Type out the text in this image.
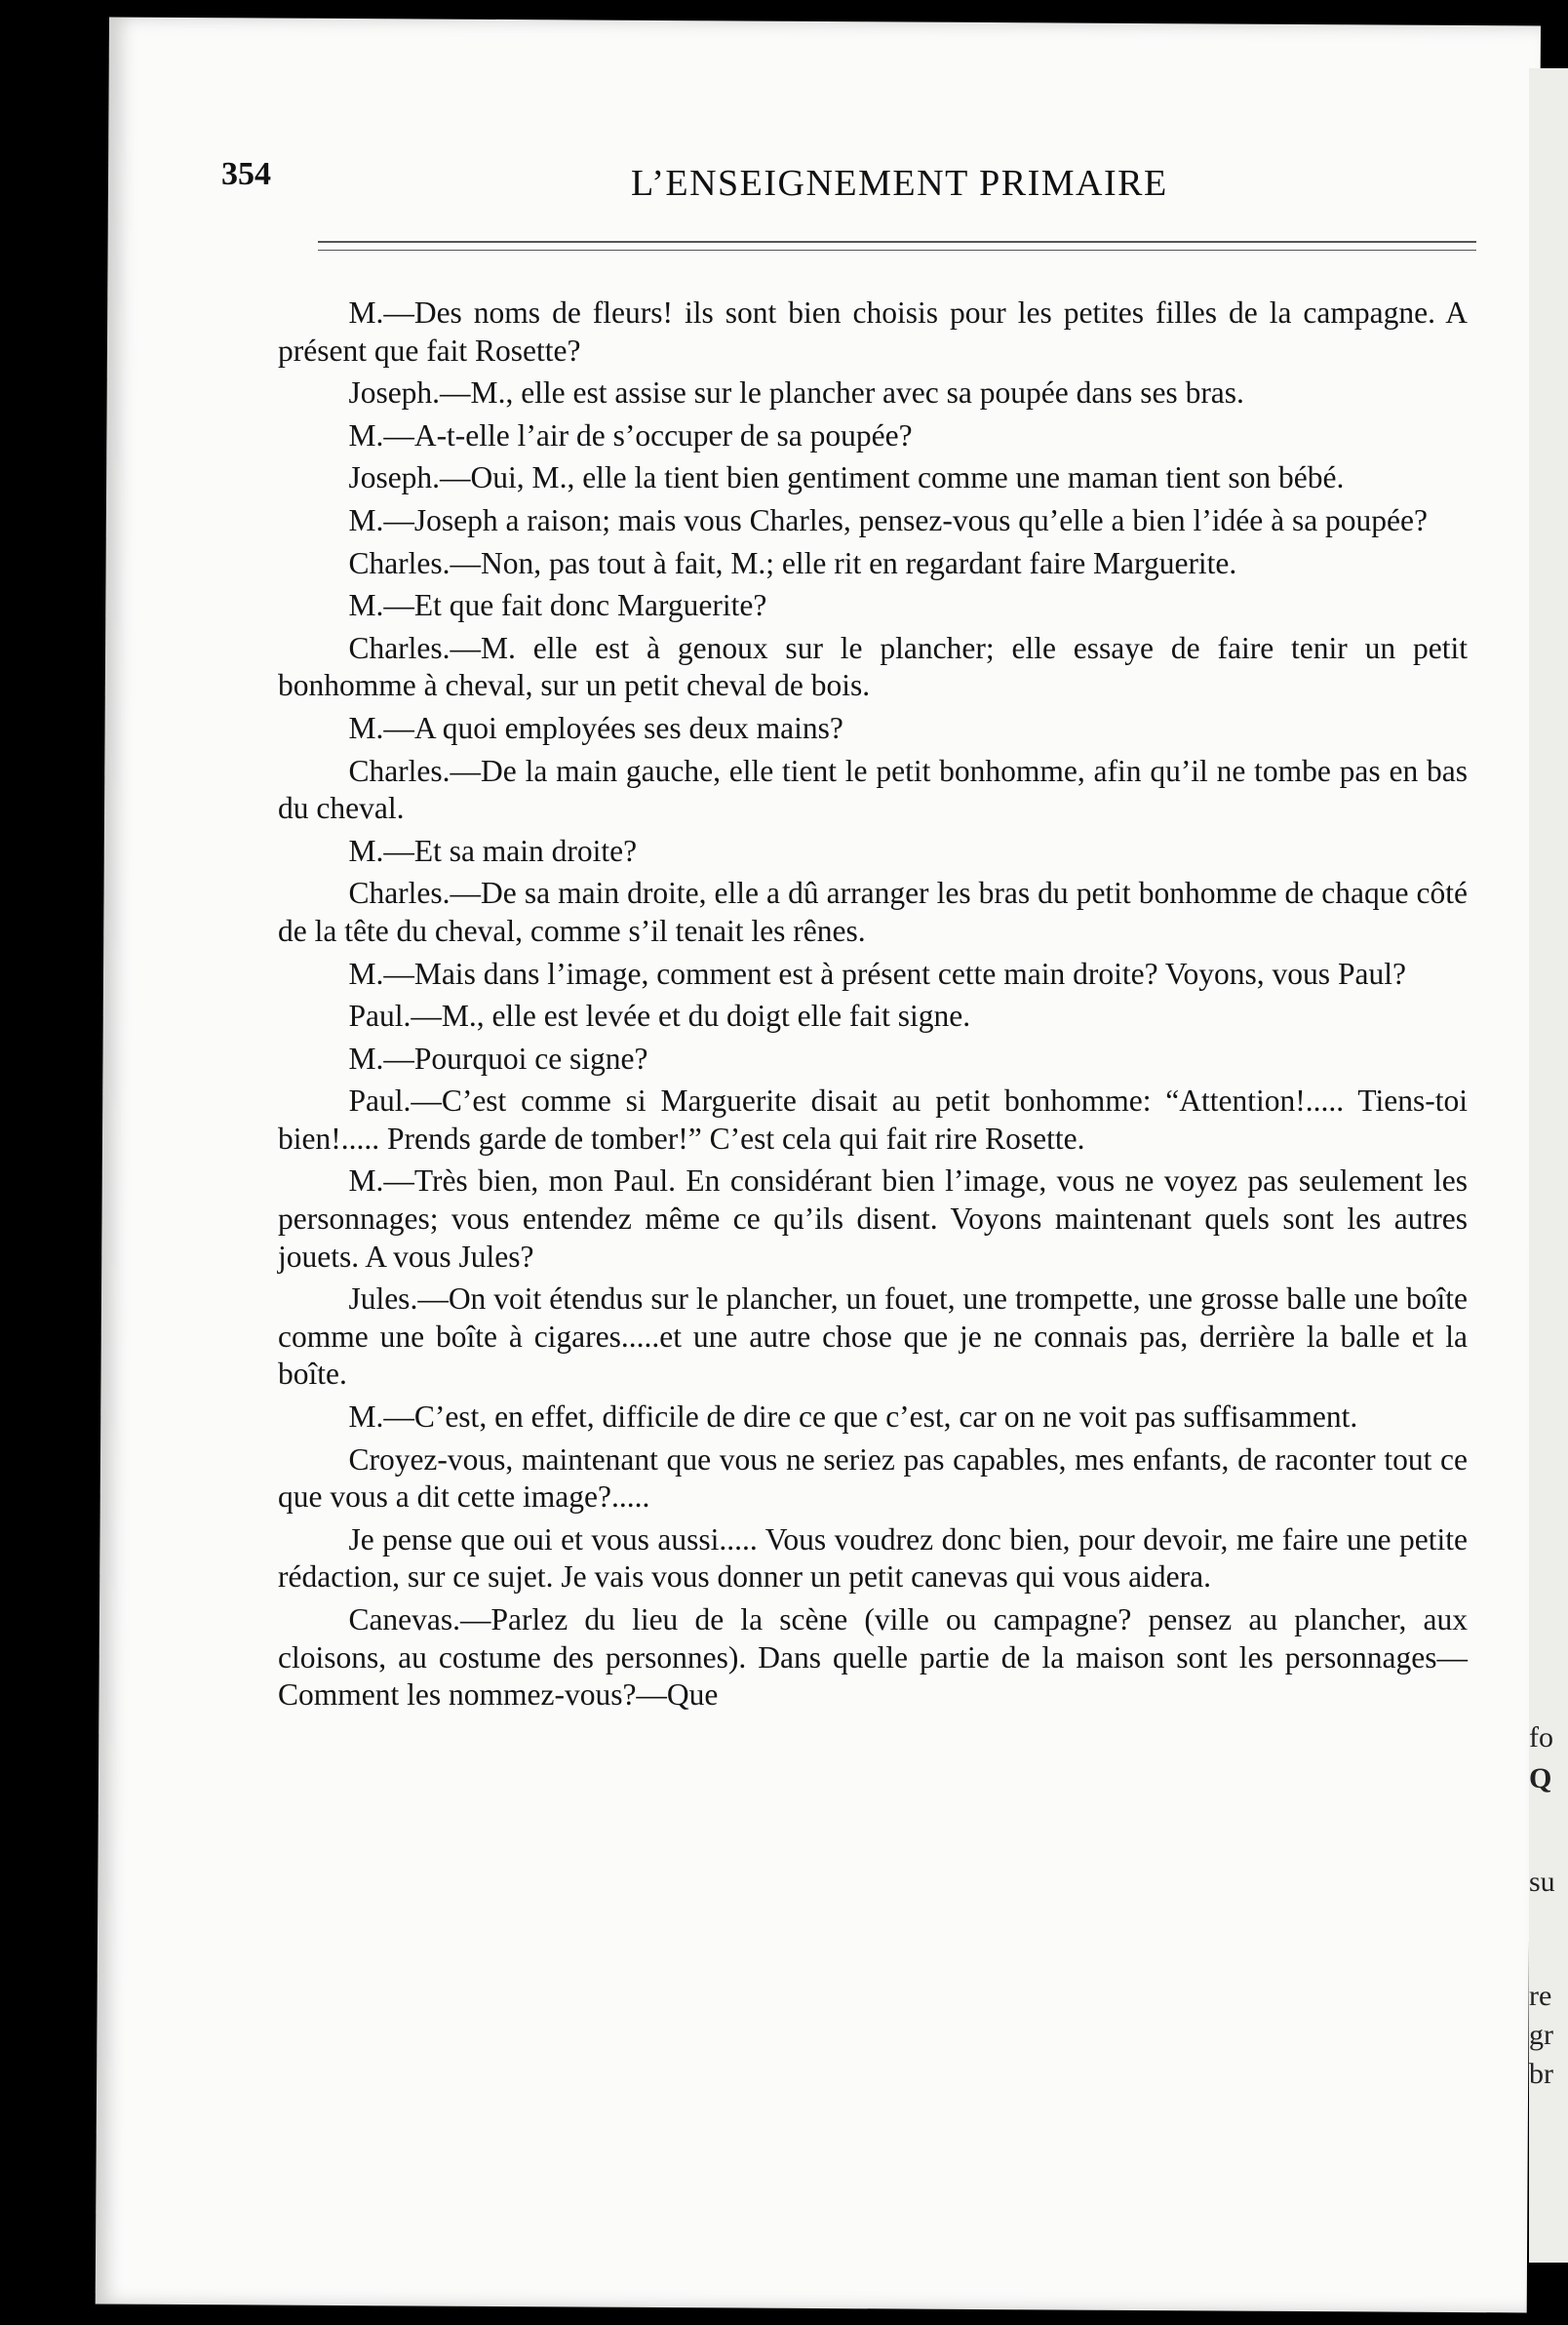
fo
Q
su
re
gr
br
354	L’ENSEIGNEMENT PRIMAIRE

M.—Des noms de fleurs! ils sont bien choisis pour les petites filles de la campagne. A présent que fait Rosette?

Joseph.—M., elle est assise sur le plancher avec sa poupée dans ses bras.

M.—A-t-elle l’air de s’occuper de sa poupée?

Joseph.—Oui, M., elle la tient bien gentiment comme une maman tient son bébé.

M.—Joseph a raison; mais vous Charles, pensez-vous qu’elle a bien l’idée à sa poupée?

Charles.—Non, pas tout à fait, M.; elle rit en regardant faire Marguerite.

M.—Et que fait donc Marguerite?

Charles.—M. elle est à genoux sur le plancher; elle essaye de faire tenir un petit bonhomme à cheval, sur un petit cheval de bois.

M.—A quoi employées ses deux mains?

Charles.—De la main gauche, elle tient le petit bonhomme, afin qu’il ne tombe pas en bas du cheval.

M.—Et sa main droite?

Charles.—De sa main droite, elle a dû arranger les bras du petit bonhomme de chaque côté de la tête du cheval, comme s’il tenait les rênes.

M.—Mais dans l’image, comment est à présent cette main droite? Voyons, vous Paul?

Paul.—M., elle est levée et du doigt elle fait signe.

M.—Pourquoi ce signe?

Paul.—C’est comme si Marguerite disait au petit bonhomme: “Attention!..... Tiens-toi bien!..... Prends garde de tomber!” C’est cela qui fait rire Rosette.

M.—Très bien, mon Paul. En considérant bien l’image, vous ne voyez pas seulement les personnages; vous entendez même ce qu’ils disent. Voyons maintenant quels sont les autres jouets. A vous Jules?

Jules.—On voit étendus sur le plancher, un fouet, une trompette, une grosse balle une boîte comme une boîte à cigares.....et une autre chose que je ne connais pas, derrière la balle et la boîte.

M.—C’est, en effet, difficile de dire ce que c’est, car on ne voit pas suffisamment.

Croyez-vous, maintenant que vous ne seriez pas capables, mes enfants, de raconter tout ce que vous a dit cette image?.....

Je pense que oui et vous aussi..... Vous voudrez donc bien, pour devoir, me faire une petite rédaction, sur ce sujet. Je vais vous donner un petit canevas qui vous aidera.

Canevas.—Parlez du lieu de la scène (ville ou campagne? pensez au plancher, aux cloisons, au costume des personnes). Dans quelle partie de la maison sont les personnages—Comment les nommez-vous?—Que
